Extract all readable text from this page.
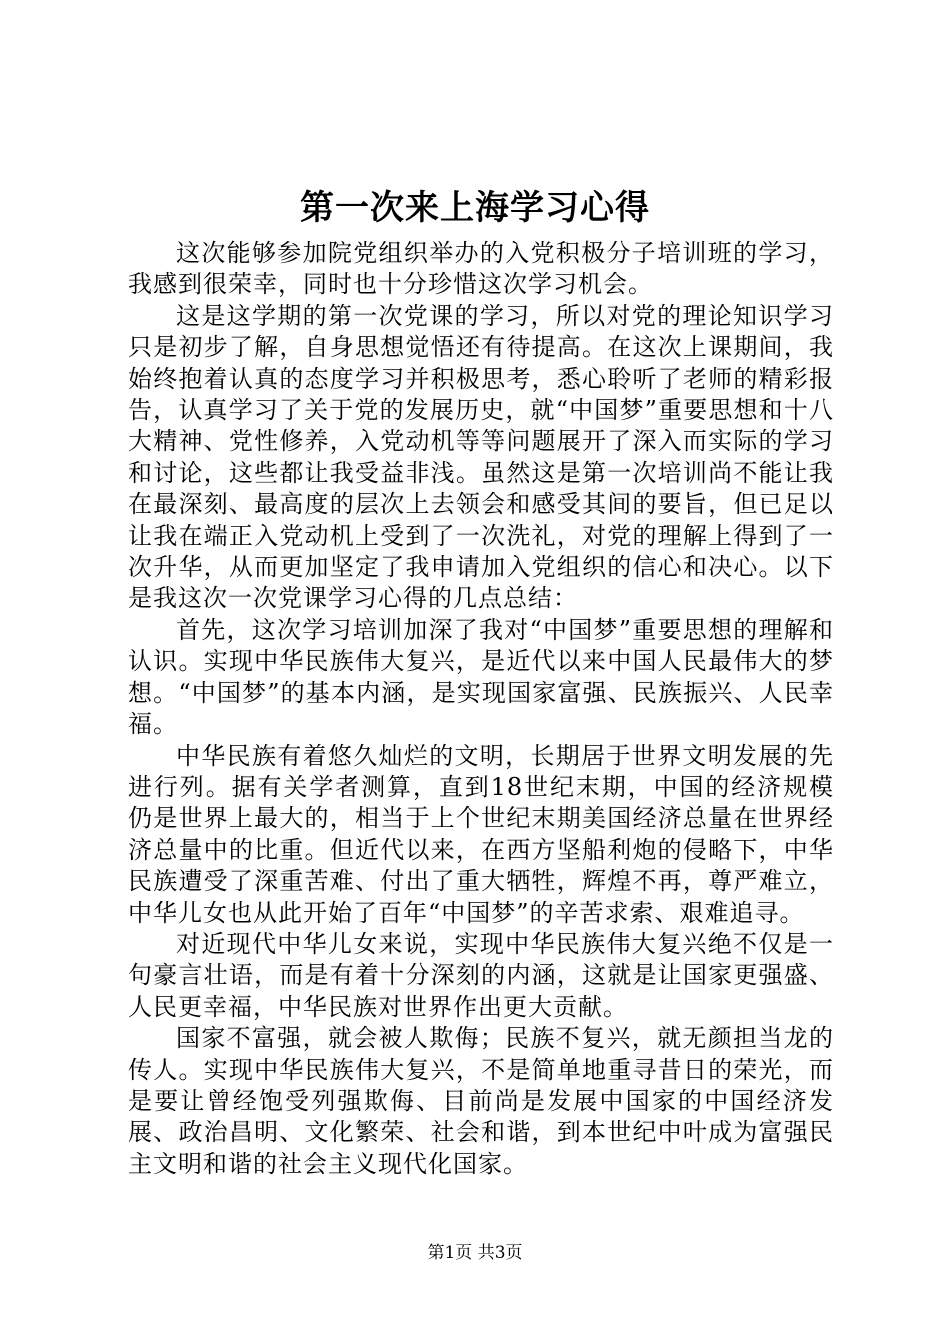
第一次来上海学习心得

这次能够参加院党组织举办的入党积极分子培训班的学习，我感到很荣幸，同时也十分珍惜这次学习机会。

这是这学期的第一次党课的学习，所以对党的理论知识学习只是初步了解，自身思想觉悟还有待提高。在这次上课期间，我始终抱着认真的态度学习并积极思考，悉心聆听了老师的精彩报告，认真学习了关于党的发展历史，就“中国梦”重要思想和十八大精神、党性修养，入党动机等等问题展开了深入而实际的学习和讨论，这些都让我受益非浅。虽然这是第一次培训尚不能让我在最深刻、最高度的层次上去领会和感受其间的要旨，但已足以让我在端正入党动机上受到了一次洗礼，对党的理解上得到了一次升华，从而更加坚定了我申请加入党组织的信心和决心。以下是我这次一次党课学习心得的几点总结：

首先，这次学习培训加深了我对“中国梦”重要思想的理解和认识。实现中华民族伟大复兴，是近代以来中国人民最伟大的梦想。“中国梦”的基本内涵，是实现国家富强、民族振兴、人民幸福。

中华民族有着悠久灿烂的文明，长期居于世界文明发展的先进行列。据有关学者测算，直到18世纪末期，中国的经济规模仍是世界上最大的，相当于上个世纪末期美国经济总量在世界经济总量中的比重。但近代以来，在西方坚船利炮的侵略下，中华民族遭受了深重苦难、付出了重大牺牲，辉煌不再，尊严难立，中华儿女也从此开始了百年“中国梦”的辛苦求索、艰难追寻。

对近现代中华儿女来说，实现中华民族伟大复兴绝不仅是一句豪言壮语，而是有着十分深刻的内涵，这就是让国家更强盛、人民更幸福，中华民族对世界作出更大贡献。

国家不富强，就会被人欺侮；民族不复兴，就无颜担当龙的传人。实现中华民族伟大复兴，不是简单地重寻昔日的荣光，而是要让曾经饱受列强欺侮、目前尚是发展中国家的中国经济发展、政治昌明、文化繁荣、社会和谐，到本世纪中叶成为富强民主文明和谐的社会主义现代化国家。

第1页 共3页
